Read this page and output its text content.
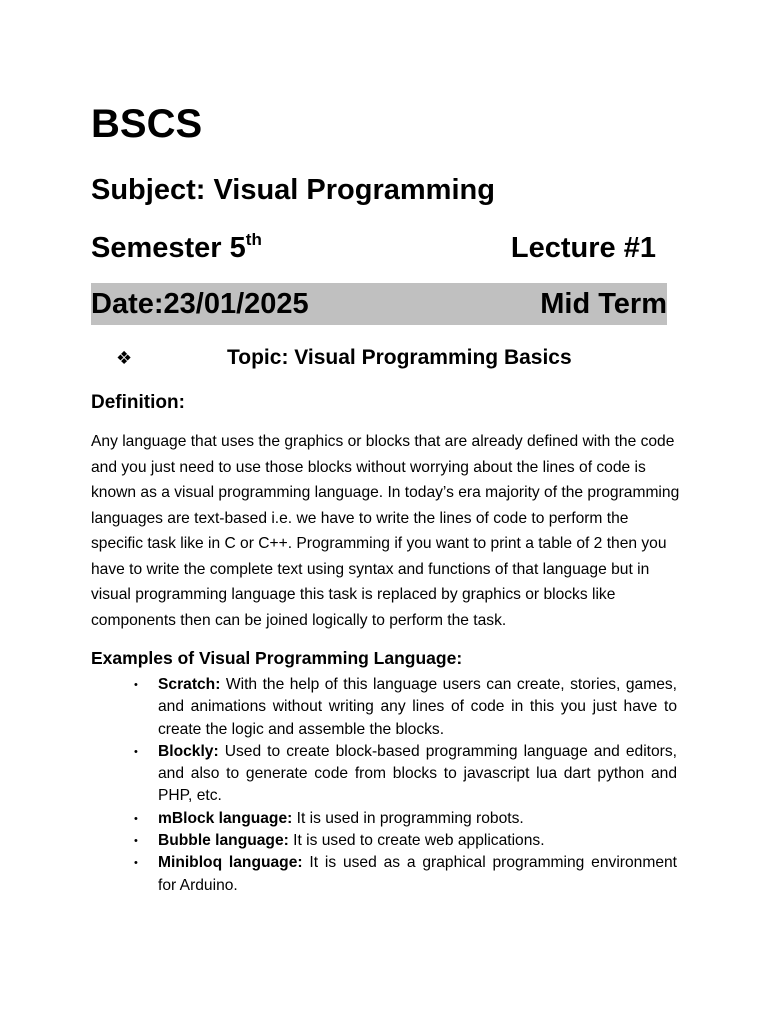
BSCS
Subject: Visual Programming
Semester 5th	Lecture #1
Date:23/01/2025	Mid Term
❖	Topic: Visual Programming Basics
Definition:

Any language that uses the graphics or blocks that are already defined with the code and you just need to use those blocks without worrying about the lines of code is known as a visual programming language. In today’s era majority of the programming languages are text-based i.e. we have to write the lines of code to perform the specific task like in C or C++. Programming if you want to print a table of 2 then you have to write the complete text using syntax and functions of that language but in visual programming language this task is replaced by graphics or blocks like components then can be joined logically to perform the task.

Examples of Visual Programming Language:
• Scratch: With the help of this language users can create, stories, games, and animations without writing any lines of code in this you just have to create the logic and assemble the blocks.
• Blockly: Used to create block-based programming language and editors, and also to generate code from blocks to javascript lua dart python and PHP, etc.
• mBlock language: It is used in programming robots.
• Bubble language: It is used to create web applications.
• Minibloq language: It is used as a graphical programming environment for Arduino.
